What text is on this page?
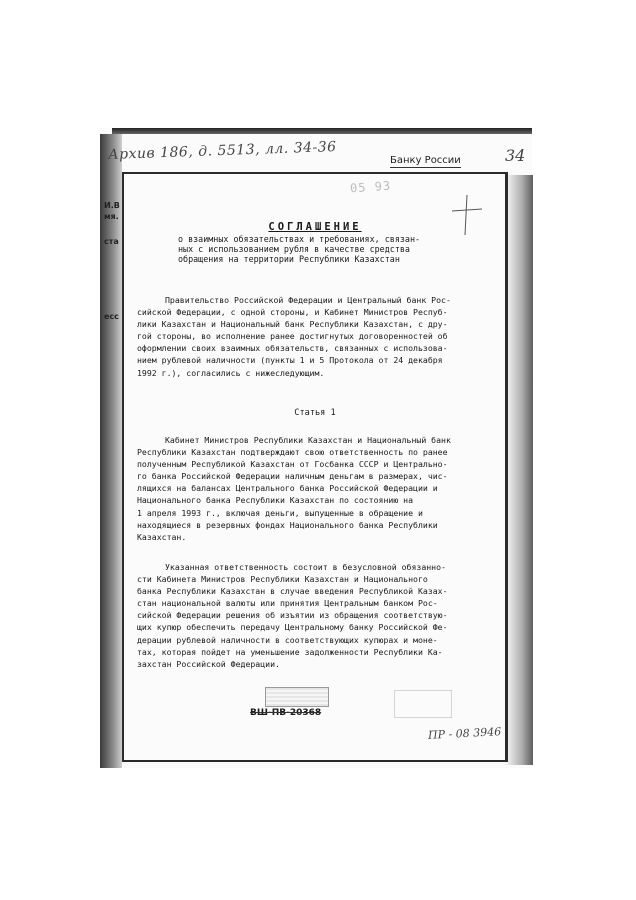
Архив 186, д. 5513, лл. 34-36	34
Банку России
И.В
мя.
ста
есс
05 93
СОГЛАШЕНИЕ
о взаимных обязательствах и требованиях, связан-
ных с использованием рубля в качестве средства
обращения на территории Республики Казахстан
Правительство Российской Федерации и Центральный банк Рос-
сийской Федерации, с одной стороны, и Кабинет Министров Респуб-
лики Казахстан и Национальный банк Республики Казахстан, с дру-
гой стороны, во исполнение ранее достигнутых договоренностей об
оформлении своих взаимных обязательств, связанных с использова-
нием рублевой наличности (пункты 1 и 5 Протокола от 24 декабря
1992 г.), согласились с нижеследующим.
Статья 1
Кабинет Министров Республики Казахстан и Национальный банк
Республики Казахстан подтверждают свою ответственность по ранее
полученным Республикой Казахстан от Госбанка СССР и Центрально-
го банка Российской Федерации наличным деньгам в размерах, чис-
лящихся на балансах Центрального банка Российской Федерации и
Национального банка Республики Казахстан по состоянию на
1 апреля 1993 г., включая деньги, выпущенные в обращение и
находящиеся в резервных фондах Национального банка Республики
Казахстан.
Указанная ответственность состоит в безусловной обязанно-
сти Кабинета Министров Республики Казахстан и Национального
банка Республики Казахстан в случае введения Республикой Казах-
стан национальной валюты или принятия Центральным банком Рос-
сийской Федерации решения об изъятии из обращения соответствую-
щих купюр обеспечить передачу Центральному банку Российской Фе-
дерации рублевой наличности в соответствующих купюрах и моне-
тах, которая пойдет на уменьшение задолженности Республики Ка-
захстан Российской Федерации.
ВШ-ПВ-20368
ПР - 08 3946
